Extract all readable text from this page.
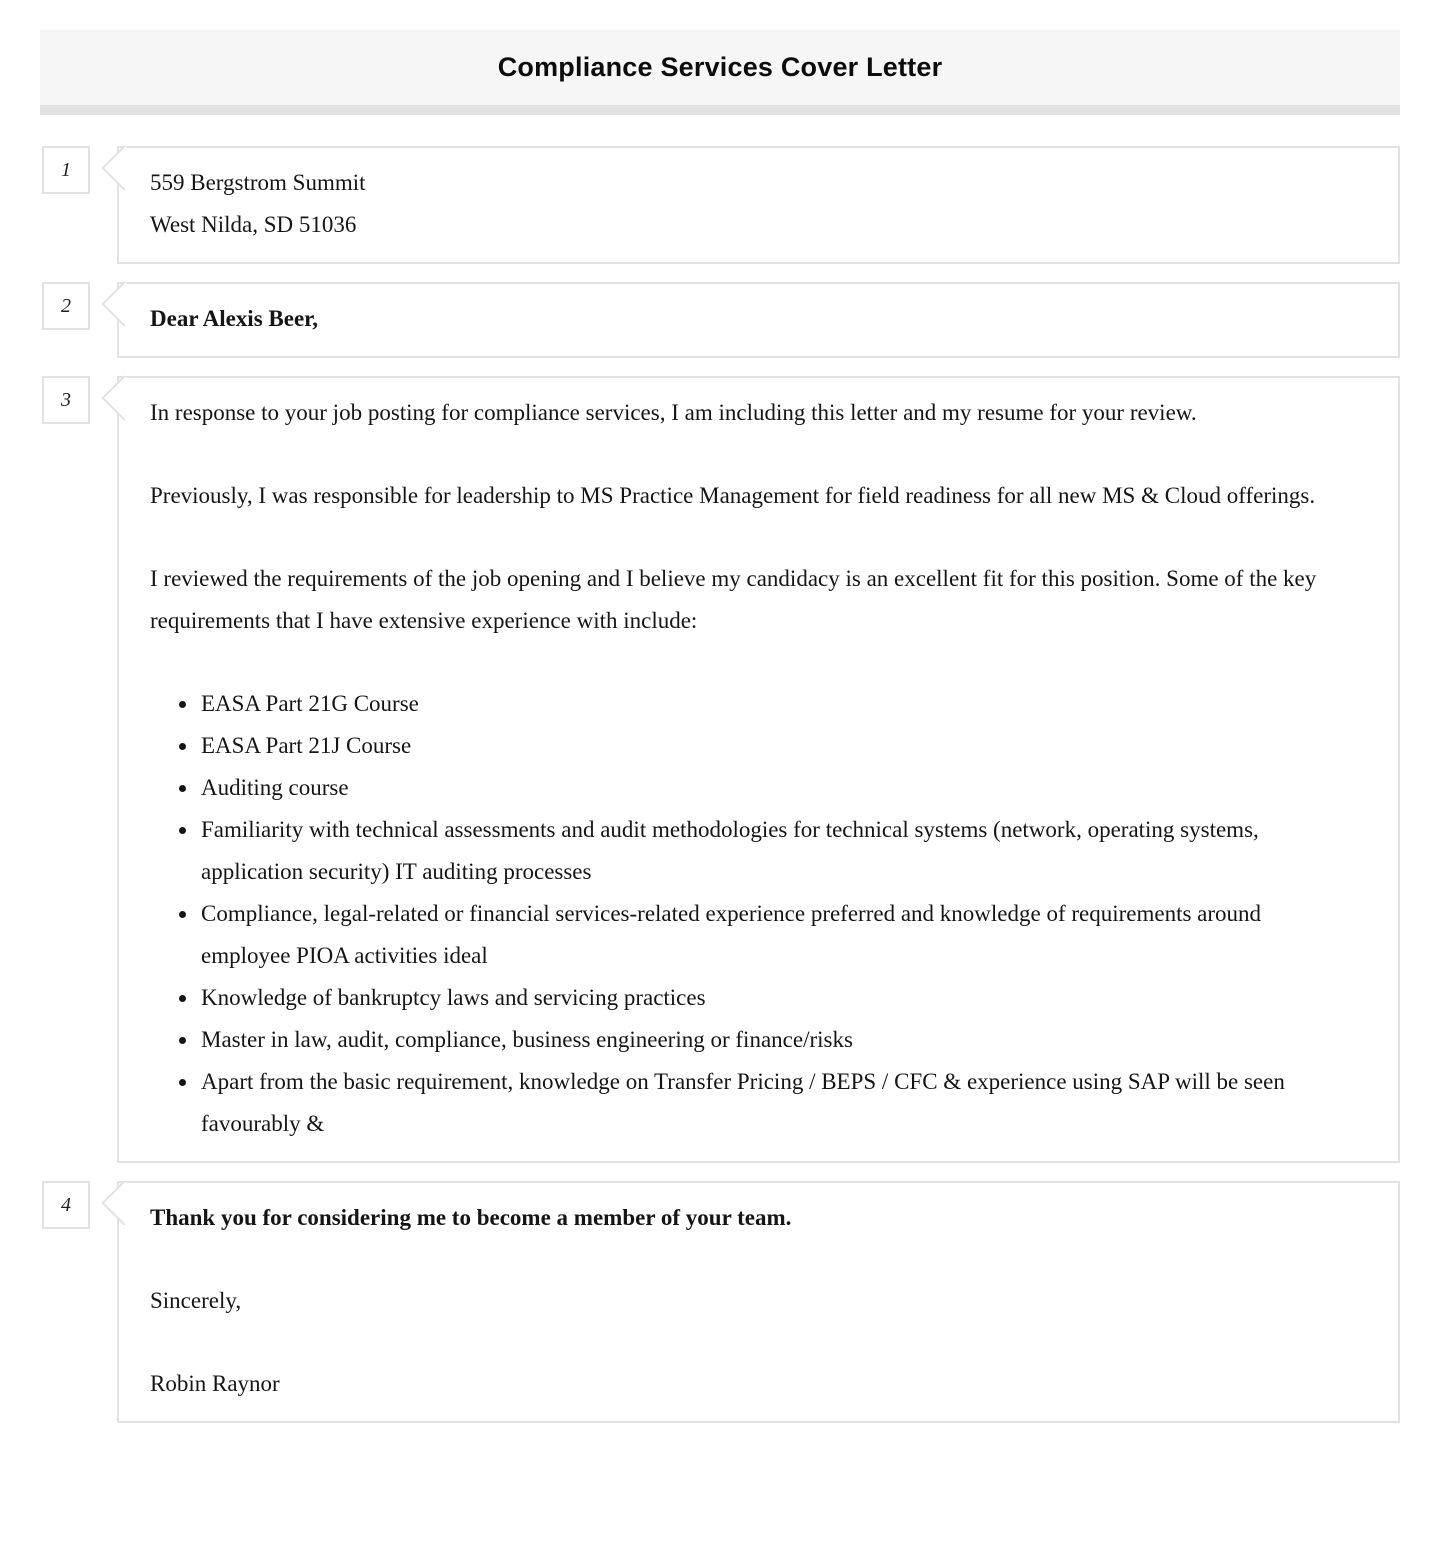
Compliance Services Cover Letter
1
559 Bergstrom Summit
West Nilda, SD 51036
2
Dear Alexis Beer,
3

In response to your job posting for compliance services, I am including this letter and my resume for your review.

Previously, I was responsible for leadership to MS Practice Management for field readiness for all new MS & Cloud offerings.

I reviewed the requirements of the job opening and I believe my candidacy is an excellent fit for this position. Some of the key requirements that I have extensive experience with include:

• EASA Part 21G Course
• EASA Part 21J Course
• Auditing course
• Familiarity with technical assessments and audit methodologies for technical systems (network, operating systems, application security) IT auditing processes
• Compliance, legal-related or financial services-related experience preferred and knowledge of requirements around employee PIOA activities ideal
• Knowledge of bankruptcy laws and servicing practices
• Master in law, audit, compliance, business engineering or finance/risks
• Apart from the basic requirement, knowledge on Transfer Pricing / BEPS / CFC & experience using SAP will be seen favourably &
4

Thank you for considering me to become a member of your team.

Sincerely,

Robin Raynor
